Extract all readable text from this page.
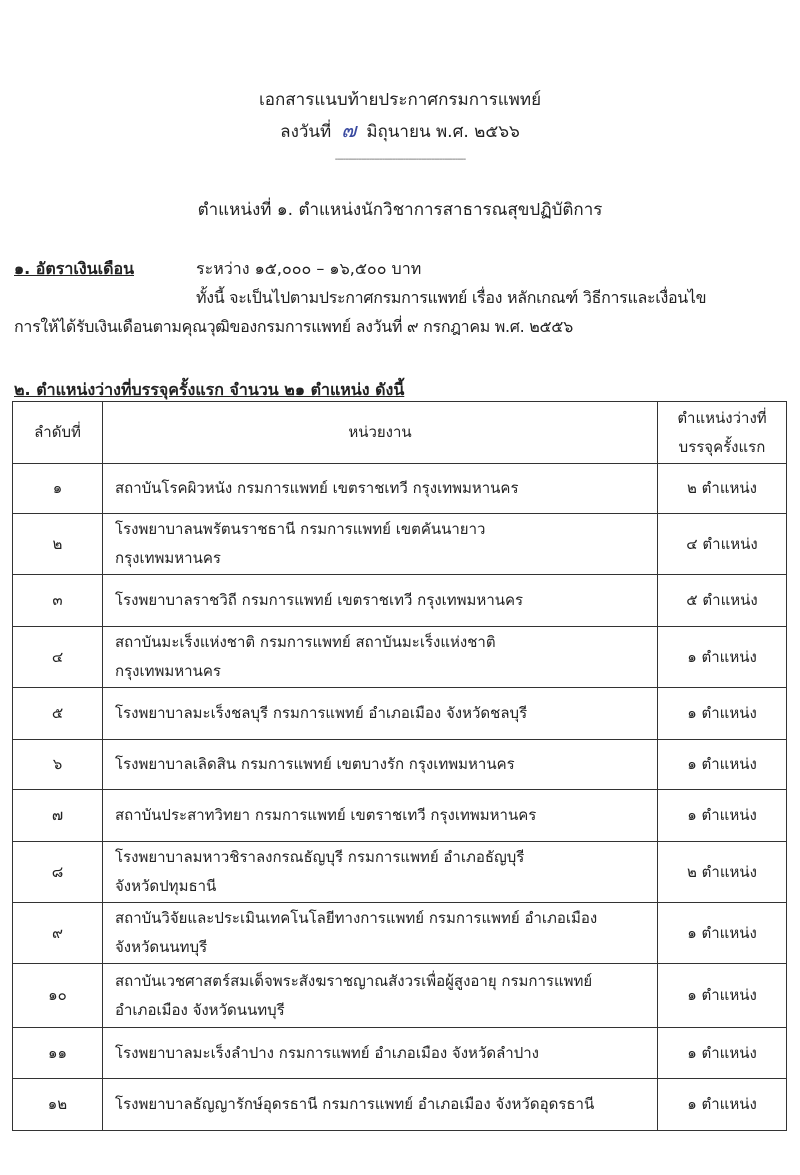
เอกสารแนบท้ายประกาศกรมการแพทย์
ลงวันที่ ๗ มิถุนายน พ.ศ. ๒๕๖๖
--------------------------------------------------
ตำแหน่งที่ ๑. ตำแหน่งนักวิชาการสาธารณสุขปฏิบัติการ
๑. อัตราเงินเดือน	ระหว่าง ๑๕,๐๐๐ – ๑๖,๕๐๐ บาท
ทั้งนี้ จะเป็นไปตามประกาศกรมการแพทย์ เรื่อง หลักเกณฑ์ วิธีการและเงื่อนไข
การให้ได้รับเงินเดือนตามคุณวุฒิของกรมการแพทย์ ลงวันที่ ๙ กรกฎาคม พ.ศ. ๒๕๕๖
๒. ตำแหน่งว่างที่บรรจุครั้งแรก จำนวน ๒๑ ตำแหน่ง ดังนี้
ลำดับที่	หน่วยงาน	ตำแหน่งว่างที่
บรรจุครั้งแรก
๑	สถาบันโรคผิวหนัง กรมการแพทย์ เขตราชเทวี กรุงเทพมหานคร	๒ ตำแหน่ง
๒	โรงพยาบาลนพรัตนราชธานี กรมการแพทย์ เขตคันนายาว
กรุงเทพมหานคร	๔ ตำแหน่ง
๓	โรงพยาบาลราชวิถี กรมการแพทย์ เขตราชเทวี กรุงเทพมหานคร	๕ ตำแหน่ง
๔	สถาบันมะเร็งแห่งชาติ กรมการแพทย์ สถาบันมะเร็งแห่งชาติ
กรุงเทพมหานคร	๑ ตำแหน่ง
๕	โรงพยาบาลมะเร็งชลบุรี กรมการแพทย์ อำเภอเมือง จังหวัดชลบุรี	๑ ตำแหน่ง
๖	โรงพยาบาลเลิดสิน กรมการแพทย์ เขตบางรัก กรุงเทพมหานคร	๑ ตำแหน่ง
๗	สถาบันประสาทวิทยา กรมการแพทย์ เขตราชเทวี กรุงเทพมหานคร	๑ ตำแหน่ง
๘	โรงพยาบาลมหาวชิราลงกรณธัญบุรี กรมการแพทย์ อำเภอธัญบุรี
จังหวัดปทุมธานี	๒ ตำแหน่ง
๙	สถาบันวิจัยและประเมินเทคโนโลยีทางการแพทย์ กรมการแพทย์ อำเภอเมือง
จังหวัดนนทบุรี	๑ ตำแหน่ง
๑๐	สถาบันเวชศาสตร์สมเด็จพระสังฆราชญาณสังวรเพื่อผู้สูงอายุ กรมการแพทย์
อำเภอเมือง จังหวัดนนทบุรี	๑ ตำแหน่ง
๑๑	โรงพยาบาลมะเร็งลำปาง กรมการแพทย์ อำเภอเมือง จังหวัดลำปาง	๑ ตำแหน่ง
๑๒	โรงพยาบาลธัญญารักษ์อุดรธานี กรมการแพทย์ อำเภอเมือง จังหวัดอุดรธานี	๑ ตำแหน่ง
